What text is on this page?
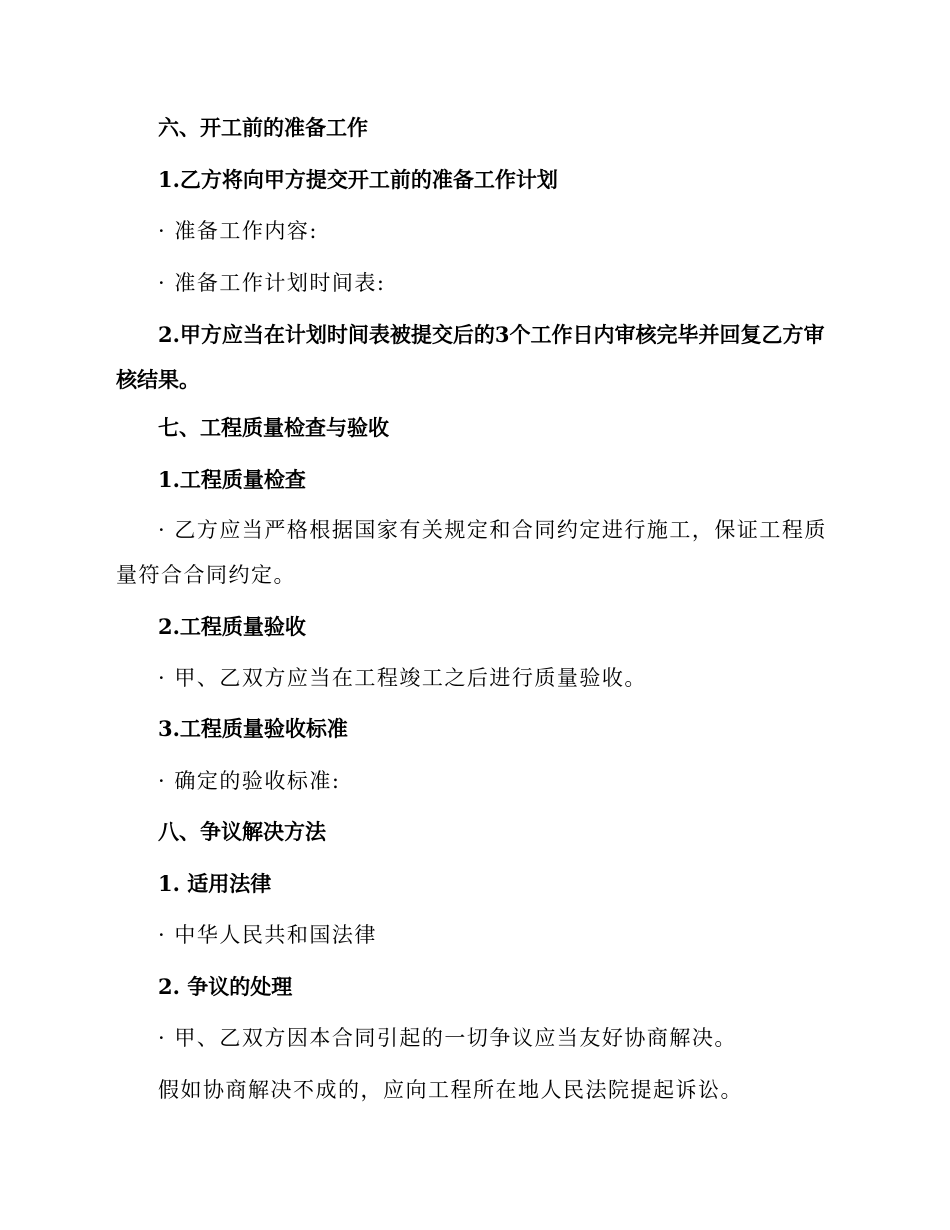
六、开工前的准备工作
1.乙方将向甲方提交开工前的准备工作计划
· 准备工作内容:
· 准备工作计划时间表:
2.甲方应当在计划时间表被提交后的3个工作日内审核完毕并回复乙方审核结果。
七、工程质量检查与验收
1.工程质量检查
· 乙方应当严格根据国家有关规定和合同约定进行施工，保证工程质量符合合同约定。
2.工程质量验收
· 甲、乙双方应当在工程竣工之后进行质量验收。
3.工程质量验收标准
· 确定的验收标准:
八、争议解决方法
1. 适用法律
· 中华人民共和国法律
2. 争议的处理
· 甲、乙双方因本合同引起的一切争议应当友好协商解决。
假如协商解决不成的，应向工程所在地人民法院提起诉讼。
